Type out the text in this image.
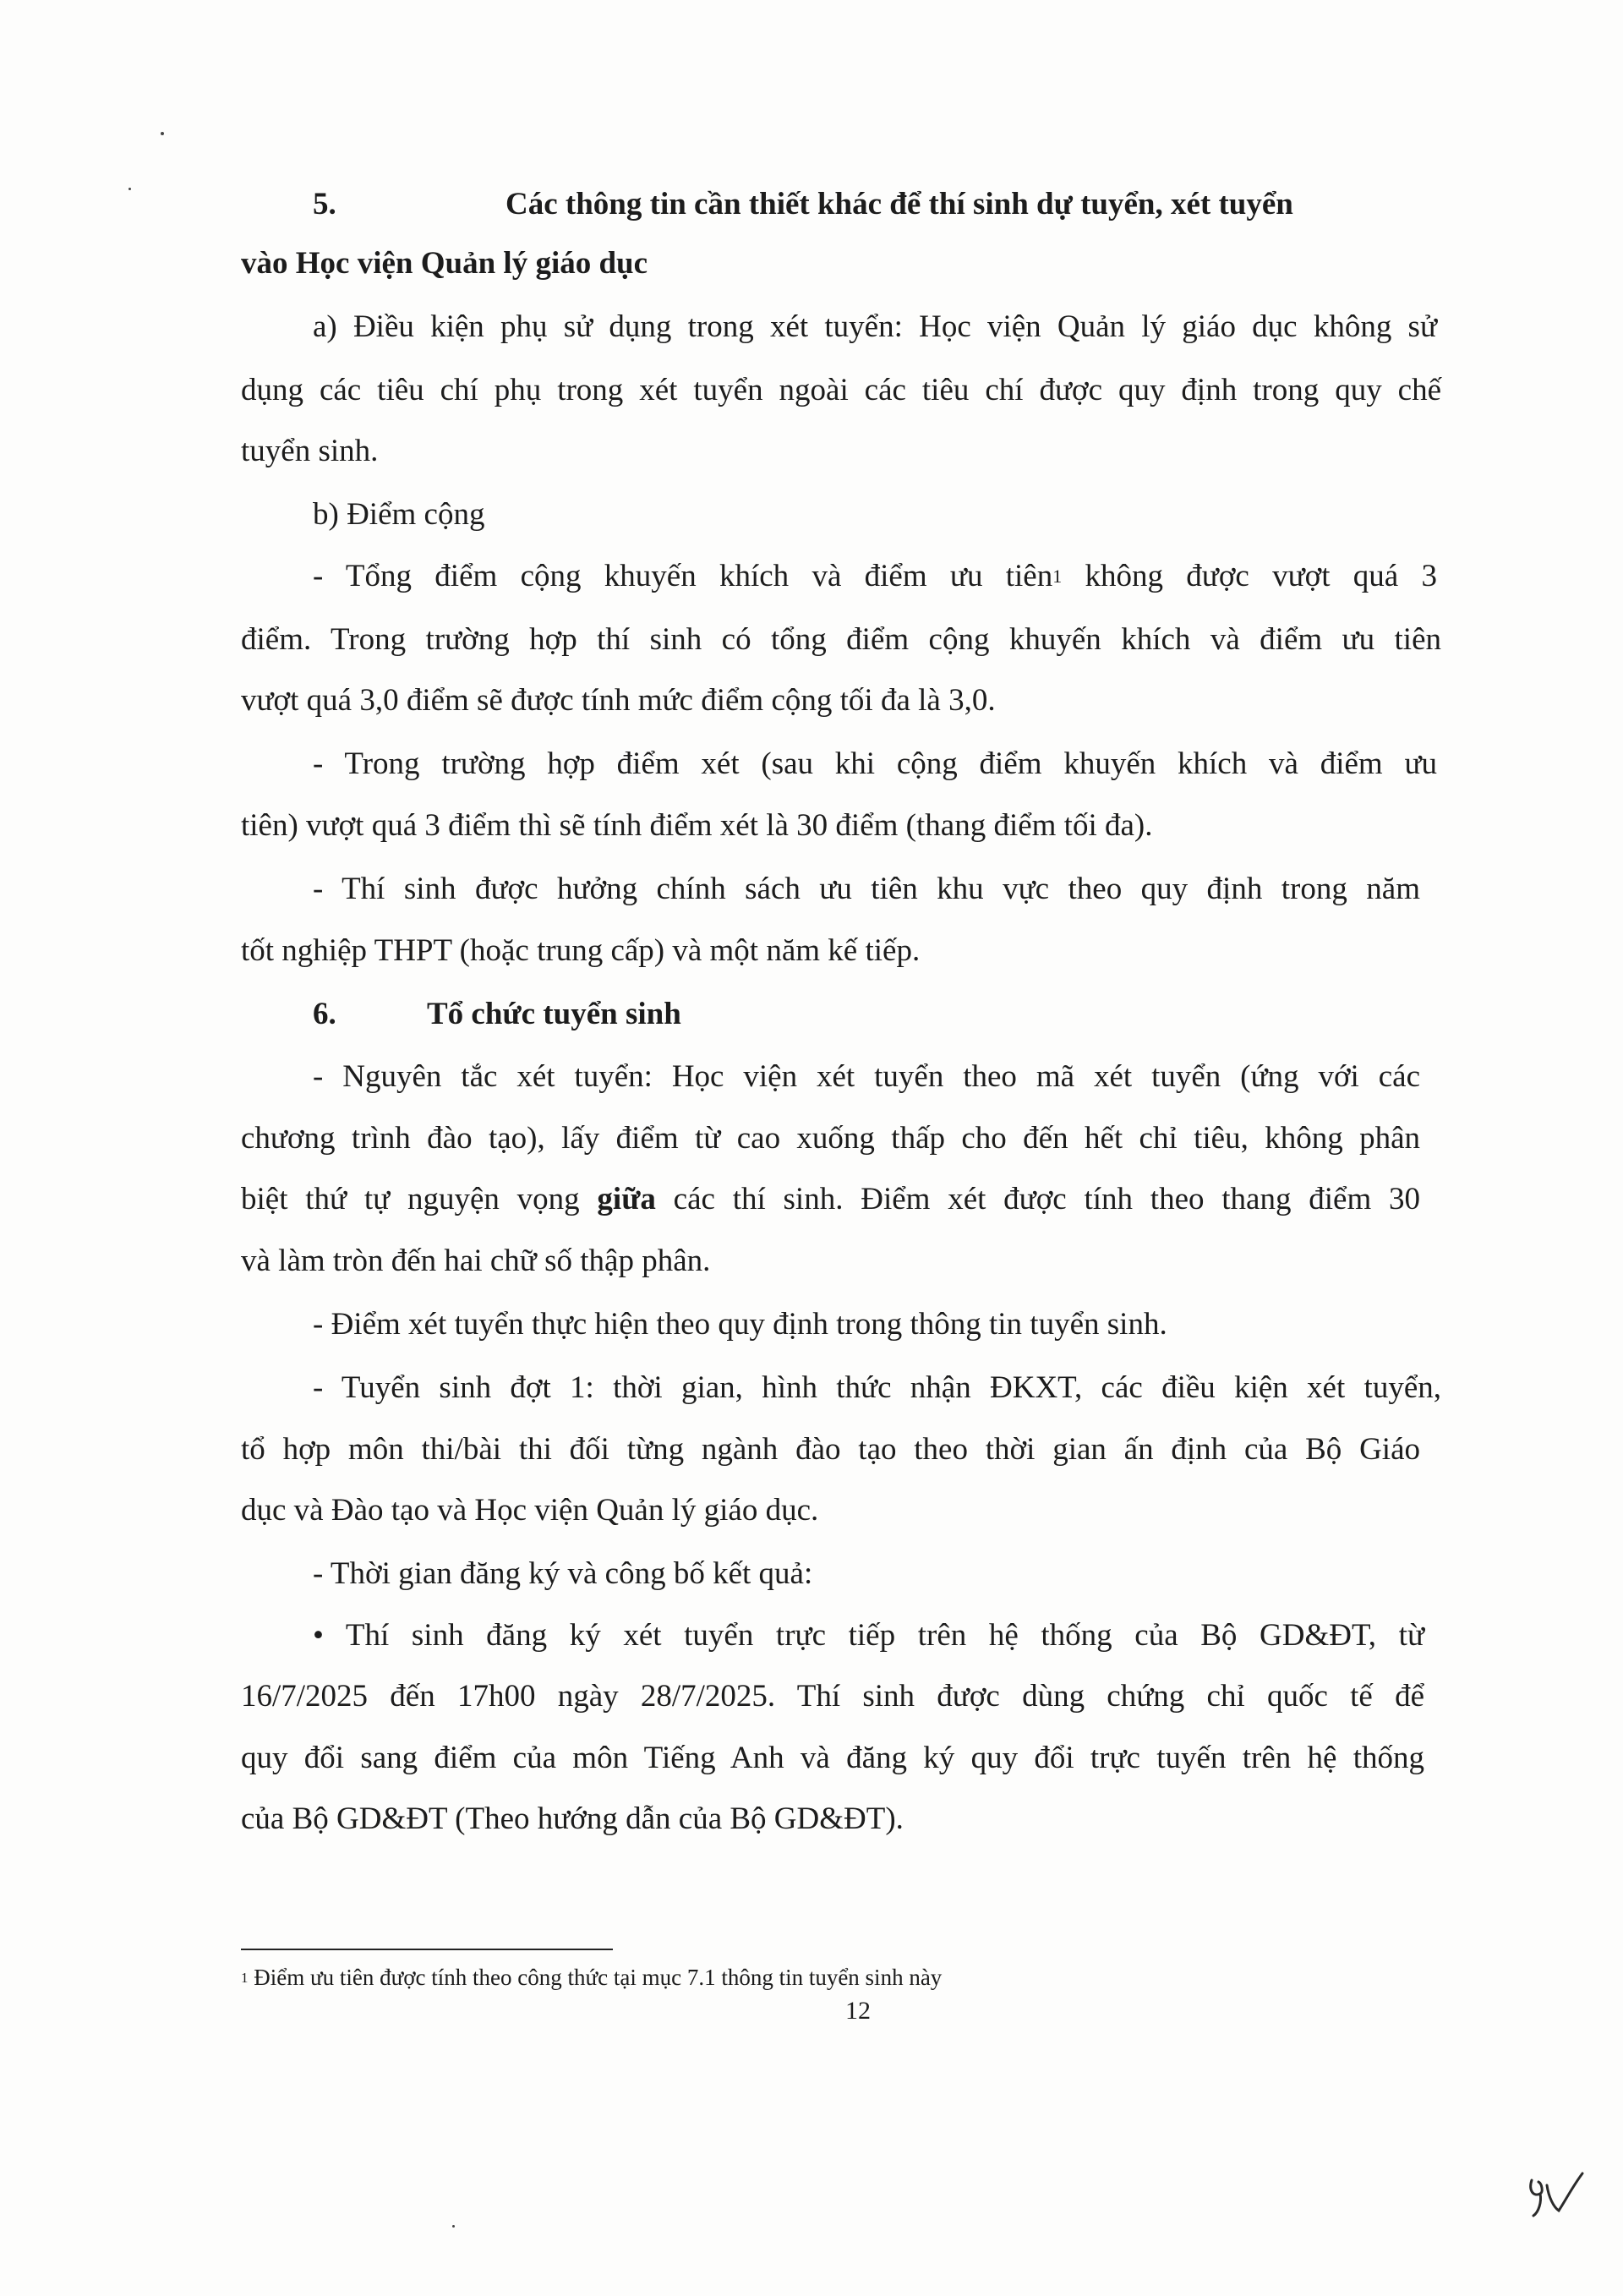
5.	Các thông tin cần thiết khác để thí sinh dự tuyển, xét tuyển
vào Học viện Quản lý giáo dục
a) Điều kiện phụ sử dụng trong xét tuyển: Học viện Quản lý giáo dục không sử
dụng các tiêu chí phụ trong xét tuyển ngoài các tiêu chí được quy định trong quy chế
tuyển sinh.
b) Điểm cộng
- Tổng điểm cộng khuyến khích và điểm ưu tiên$^1$ không được vượt quá 3
điểm. Trong trường hợp thí sinh có tổng điểm cộng khuyến khích và điểm ưu tiên
vượt quá 3,0 điểm sẽ được tính mức điểm cộng tối đa là 3,0.
- Trong trường hợp điểm xét (sau khi cộng điểm khuyến khích và điểm ưu
tiên) vượt quá 3 điểm thì sẽ tính điểm xét là 30 điểm (thang điểm tối đa).
- Thí sinh được hưởng chính sách ưu tiên khu vực theo quy định trong năm
tốt nghiệp THPT (hoặc trung cấp) và một năm kế tiếp.
6.	Tổ chức tuyển sinh
- Nguyên tắc xét tuyển: Học viện xét tuyển theo mã xét tuyển (ứng với các
chương trình đào tạo), lấy điểm từ cao xuống thấp cho đến hết chỉ tiêu, không phân
biệt thứ tự nguyện vọng giữa các thí sinh. Điểm xét được tính theo thang điểm 30
và làm tròn đến hai chữ số thập phân.
- Điểm xét tuyển thực hiện theo quy định trong thông tin tuyển sinh.
- Tuyển sinh đợt 1: thời gian, hình thức nhận ĐKXT, các điều kiện xét tuyển,
tổ hợp môn thi/bài thi đối từng ngành đào tạo theo thời gian ấn định của Bộ Giáo
dục và Đào tạo và Học viện Quản lý giáo dục.
- Thời gian đăng ký và công bố kết quả:
• Thí sinh đăng ký xét tuyển trực tiếp trên hệ thống của Bộ GD&ĐT, từ
16/7/2025 đến 17h00 ngày 28/7/2025. Thí sinh được dùng chứng chỉ quốc tế để
quy đổi sang điểm của môn Tiếng Anh và đăng ký quy đổi trực tuyến trên hệ thống
của Bộ GD&ĐT (Theo hướng dẫn của Bộ GD&ĐT).
$^1$ Điểm ưu tiên được tính theo công thức tại mục 7.1 thông tin tuyển sinh này
12
